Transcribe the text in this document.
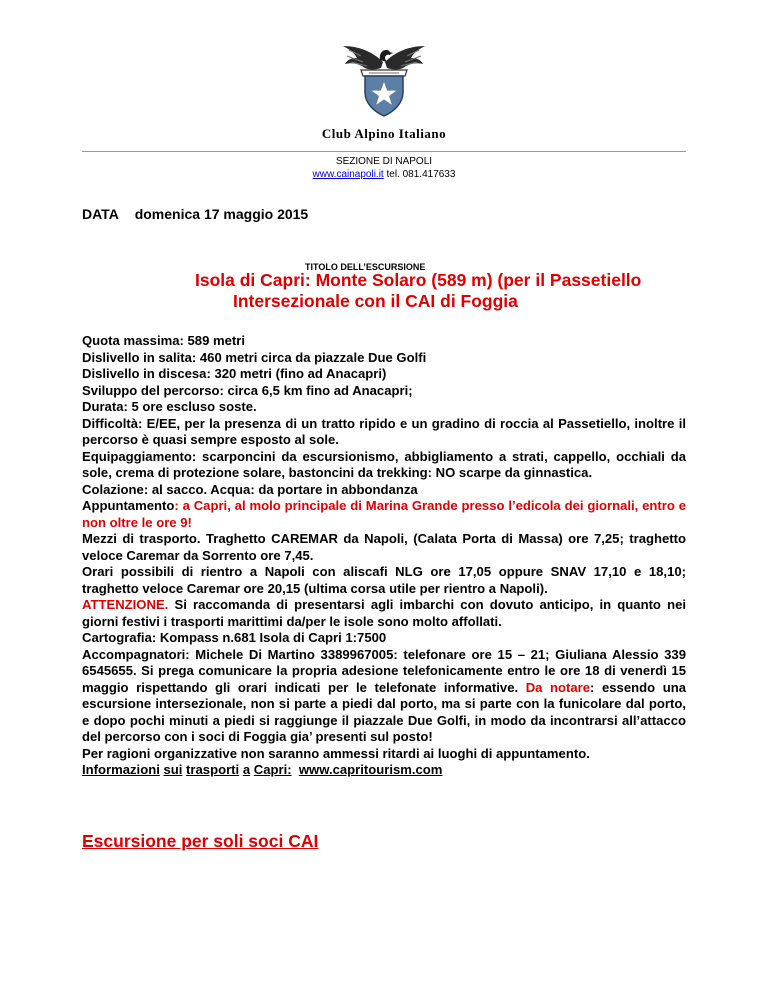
Club Alpino Italiano
SEZIONE DI NAPOLI
www.cainapoli.it tel. 081.417633
DATA domenica 17 maggio 2015
TITOLO DELL’ESCURSIONE
Isola di Capri: Monte Solaro (589 m) (per il Passetiello
Intersezionale con il CAI di Foggia

Quota massima: 589 metri

Dislivello in salita: 460 metri circa da piazzale Due Golfi

Dislivello in discesa: 320 metri (fino ad Anacapri)

Sviluppo del percorso: circa 6,5 km fino ad Anacapri;

Durata: 5 ore escluso soste.

Difficoltà: E/EE, per la presenza di un tratto ripido e un gradino di roccia al Passetiello, inoltre il percorso è quasi sempre esposto al sole.

Equipaggiamento: scarponcini da escursionismo, abbigliamento a strati, cappello, occhiali da sole, crema di protezione solare, bastoncini da trekking: NO scarpe da ginnastica.

Colazione: al sacco. Acqua: da portare in abbondanza

Appuntamento: a Capri, al molo principale di Marina Grande presso l’edicola dei giornali, entro e non oltre le ore 9!

Mezzi di trasporto. Traghetto CAREMAR da Napoli, (Calata Porta di Massa) ore 7,25; traghetto veloce Caremar da Sorrento ore 7,45.

Orari possibili di rientro a Napoli con aliscafi NLG ore 17,05 oppure SNAV 17,10 e 18,10; traghetto veloce Caremar ore 20,15 (ultima corsa utile per rientro a Napoli).

ATTENZIONE. Si raccomanda di presentarsi agli imbarchi con dovuto anticipo, in quanto nei giorni festivi i trasporti marittimi da/per le isole sono molto affollati.

Cartografia: Kompass n.681 Isola di Capri 1:7500

Accompagnatori: Michele Di Martino 3389967005: telefonare ore 15 – 21; Giuliana Alessio 339 6545655. Si prega comunicare la propria adesione telefonicamente entro le ore 18 di venerdì 15 maggio rispettando gli orari indicati per le telefonate informative. Da notare: essendo una escursione intersezionale, non si parte a piedi dal porto, ma si parte con la funicolare dal porto, e dopo pochi minuti a piedi si raggiunge il piazzale Due Golfi, in modo da incontrarsi all’attacco del percorso con i soci di Foggia gia’ presenti sul posto!

Per ragioni organizzative non saranno ammessi ritardi ai luoghi di appuntamento.

Informazioni sui trasporti a Capri: www.capritourism.com

Escursione per soli soci CAI
